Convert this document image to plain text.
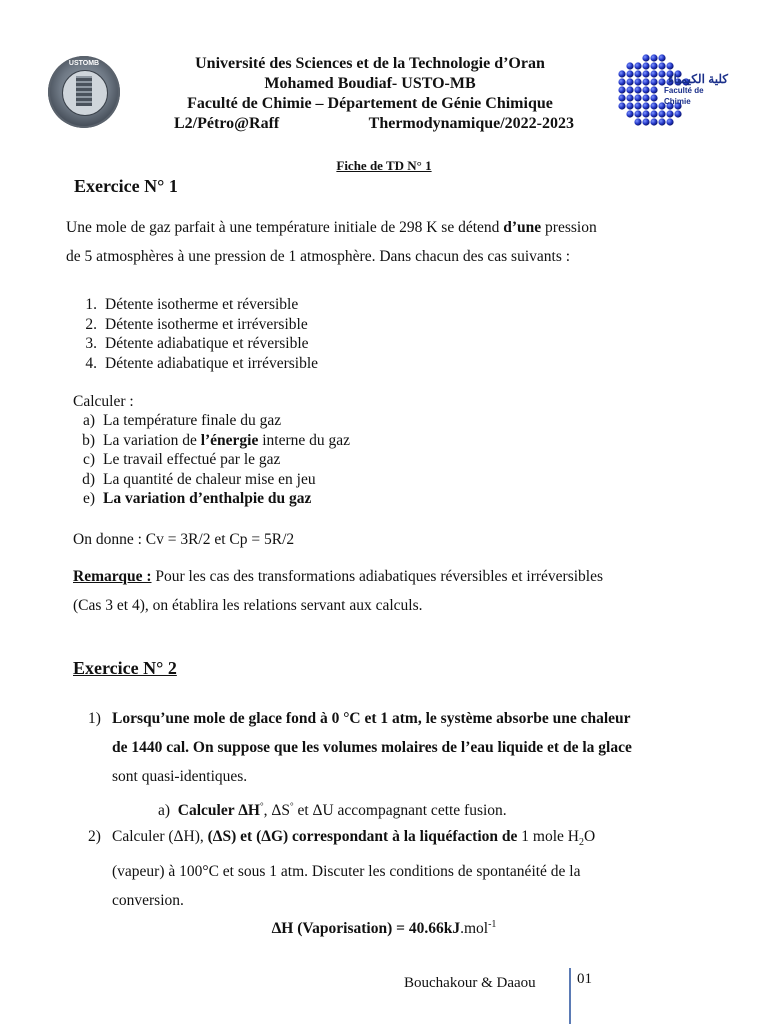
USTOMB
كلية الكيمياء
Faculté de Chimie
Université des Sciences et de la Technologie d’Oran
Mohamed Boudiaf- USTO-MB
Faculté de Chimie – Département de Génie Chimique
L2/Pétro@Raff	Thermodynamique/2022-2023
Fiche de TD N° 1
Exercice N° 1
Une mole de gaz parfait à une température initiale de 298 K se détend d’une pression
de 5 atmosphères à une pression de 1 atmosphère. Dans chacun des cas suivants :
1. Détente isotherme et réversible
2. Détente isotherme et irréversible
3. Détente adiabatique et réversible
4. Détente adiabatique et irréversible
Calculer :
a) La température finale du gaz
b) La variation de l’énergie interne du gaz
c) Le travail effectué par le gaz
d) La quantité de chaleur mise en jeu
e) La variation d’enthalpie du gaz
On donne : Cv = 3R/2 et Cp = 5R/2
Remarque : Pour les cas des transformations adiabatiques réversibles et irréversibles
(Cas 3 et 4), on établira les relations servant aux calculs.
Exercice N° 2
1) Lorsqu’une mole de glace fond à 0 °C et 1 atm, le système absorbe une chaleur
de 1440 cal. On suppose que les volumes molaires de l’eau liquide et de la glace
sont quasi-identiques.
a) Calculer ΔH°, ΔS° et ΔU accompagnant cette fusion.
2) Calculer (ΔH), (ΔS) et (ΔG) correspondant à la liquéfaction de 1 mole $H_2O$
(vapeur) à 100°C et sous 1 atm. Discuter les conditions de spontanéité de la
conversion.
ΔH (Vaporisation) = 40.66kJ.mol$^{-1}$
Bouchakour & Daaou	01
